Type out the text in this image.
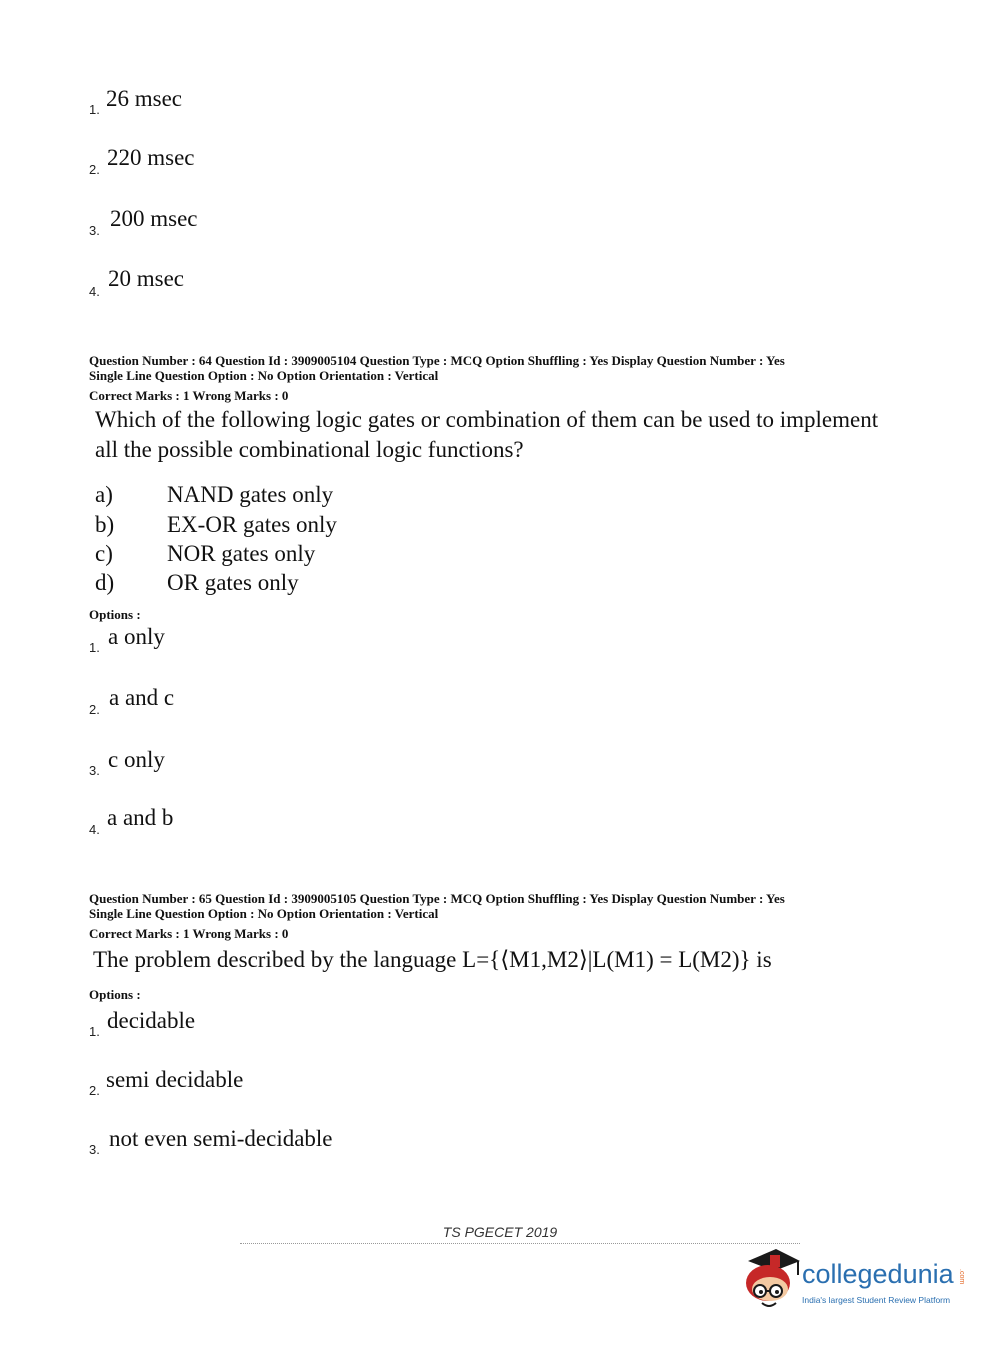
1. 26 msec
2. 220 msec
3. 200 msec
4.
20 msec
Question Number : 64 Question Id : 3909005104 Question Type : MCQ Option Shuffling : Yes Display Question Number : Yes
Single Line Question Option : No Option Orientation : Vertical
Correct Marks : 1 Wrong Marks : 0
Which of the following logic gates or combination of them can be used to implement
all the possible combinational logic functions?
a) NAND gates only
b) EX-OR gates only
c) NOR gates only
d) OR gates only
Options :
1. a only
2. a and c
3. c only
4. a and b
Question Number : 65 Question Id : 3909005105 Question Type : MCQ Option Shuffling : Yes Display Question Number : Yes
Single Line Question Option : No Option Orientation : Vertical
Correct Marks : 1 Wrong Marks : 0
The problem described by the language L={⟨M1,M2⟩|L(M1) = L(M2)} is
Options :
1. decidable
2. semi decidable
3. not even semi-decidable
TS PGECET 2019
collegedunia .com
India's largest Student Review Platform
